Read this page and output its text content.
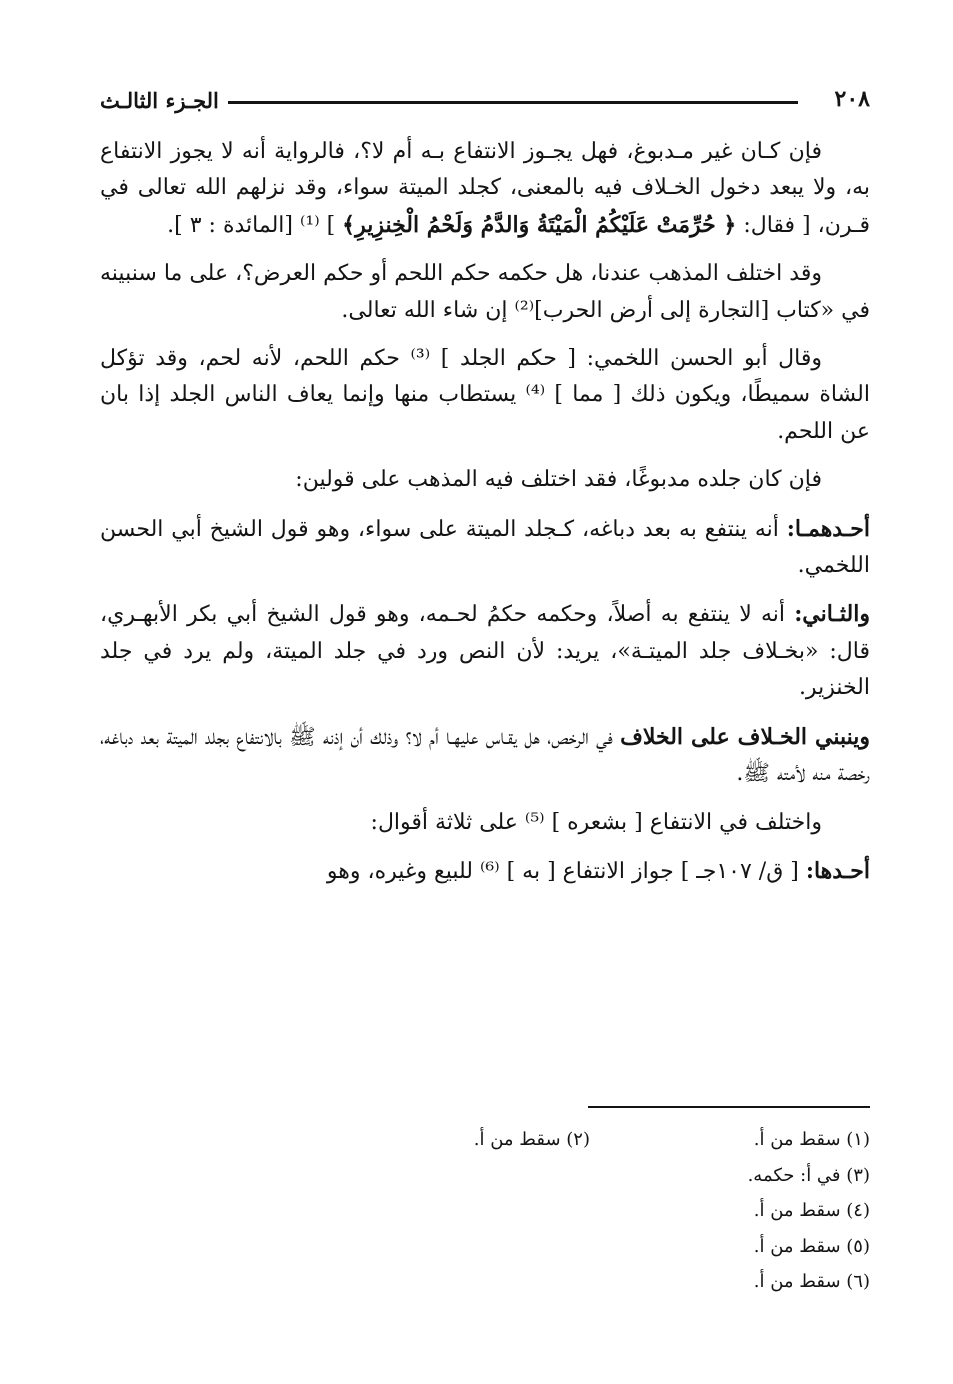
الجـزء الثالـث	٢٠٨

فإن كـان غير مـدبوغ، فهل يجـوز الانتفاع بـه أم لا؟، فالرواية أنه لا يجوز الانتفاع به، ولا يبعد دخول الخـلاف فيه بالمعنى، كجلد الميتة سواء، وقد نزلهم الله تعالى في قـرن، [ فقال: ﴿ حُرِّمَتْ عَلَيْكُمُ الْمَيْتَةُ وَالدَّمُ وَلَحْمُ الْخِنزِيرِ﴾ ] ⁽¹⁾ [المائدة : ٣ ].

وقد اختلف المذهب عندنا، هل حكمه حكم اللحم أو حكم العرض؟، على ما سنبينه في «كتاب [التجارة إلى أرض الحرب]⁽²⁾ إن شاء الله تعالى.

وقال أبو الحسن اللخمي: [ حكم الجلد ] ⁽³⁾ حكم اللحم، لأنه لحم، وقد تؤكل الشاة سميطًا، ويكون ذلك [ مما ] ⁽⁴⁾ يستطاب منها وإنما يعاف الناس الجلد إذا بان عن اللحم.

فإن كان جلده مدبوغًا، فقد اختلف فيه المذهب على قولين:

أحـدهمـا: أنه ينتفع به بعد دباغه، كـجلد الميتة على سواء، وهو قول الشيخ أبي الحسن اللخمي.

والثـاني: أنه لا ينتفع به أصلاً، وحكمه حكمُ لحـمه، وهو قول الشيخ أبي بكر الأبهـري، قال: «بخـلاف جلد الميتـة»، يريد: لأن النص ورد في جلد الميتة، ولم يرد في جلد الخنزير.

وينبني الخـلاف على الخلاف في الرخص، هل يقـاس عليهـا أم لا؟ وذلك أن إذنه ﷺ بالانتفاع بجلد الميتة بعد دباغه، رخصة منه لأمته ﷺ.

واختلف في الانتفاع [ بشعره ] ⁽⁵⁾ على ثلاثة أقوال:

أحـدها: [ ق/ ١٠٧جـ ] جواز الانتفاع [ به ] ⁽⁶⁾ للبيع وغيره، وهو

(١) سقط من أ.
(٢) سقط من أ.
(٣) في أ: حكمه.
(٤) سقط من أ.
(٥) سقط من أ.
(٦) سقط من أ.
